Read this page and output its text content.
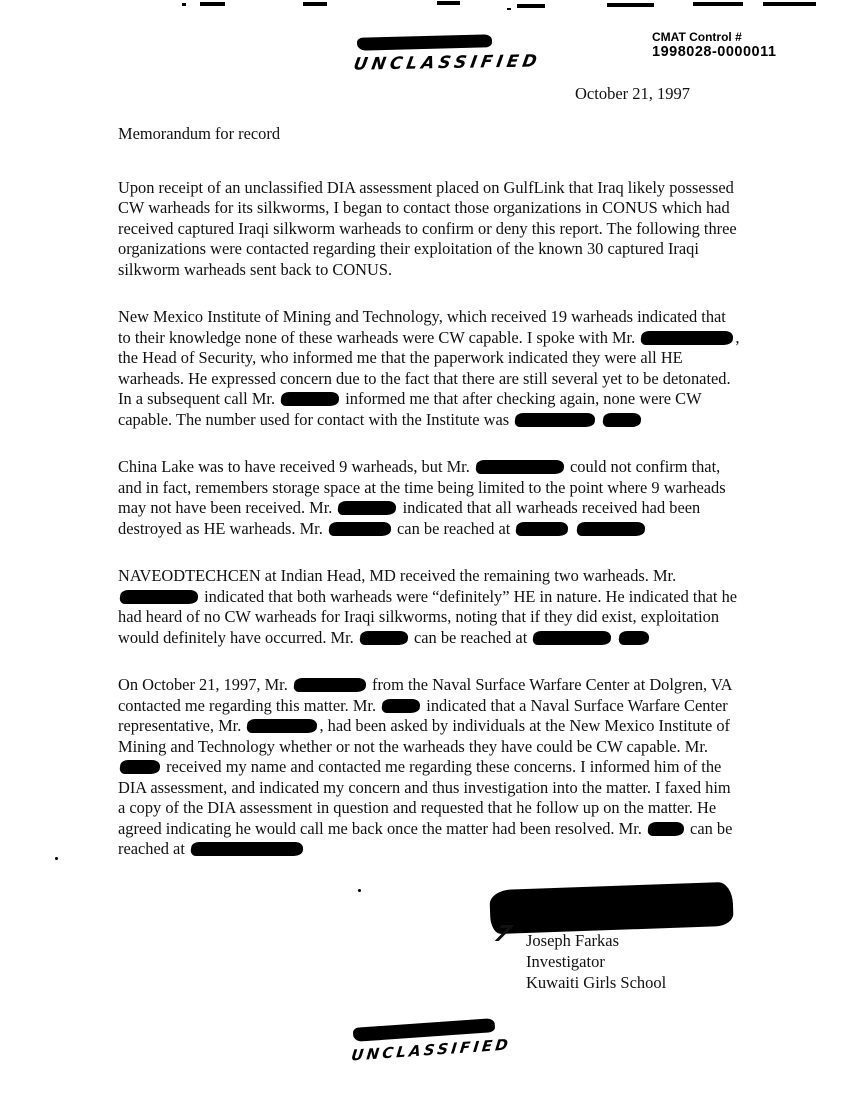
UNCLASSIFIED
CMAT Control #
1998028-0000011
October 21, 1997
Memorandum for record

Upon receipt of an unclassified DIA assessment placed on GulfLink that Iraq likely possessed CW warheads for its silkworms, I began to contact those organizations in CONUS which had received captured Iraqi silkworm warheads to confirm or deny this report. The following three organizations were contacted regarding their exploitation of the known 30 captured Iraqi silkworm warheads sent back to CONUS.

New Mexico Institute of Mining and Technology, which received 19 warheads indicated that to their knowledge none of these warheads were CW capable. I spoke with Mr.	, the Head of Security, who informed me that the paperwork indicated they were all HE warheads. He expressed concern due to the fact that there are still several yet to be detonated. In a subsequent call Mr.	informed me that after checking again, none were CW capable. The number used for contact with the Institute was

China Lake was to have received 9 warheads, but Mr.	could not confirm that, and in fact, remembers storage space at the time being limited to the point where 9 warheads may not have been received. Mr.	indicated that all warheads received had been destroyed as HE warheads. Mr.	can be reached at

NAVEODTECHCEN at Indian Head, MD received the remaining two warheads. Mr.  indicated that both warheads were “definitely” HE in nature. He indicated that he had heard of no CW warheads for Iraqi silkworms, noting that if they did exist, exploitation would definitely have occurred. Mr.	can be reached at

On October 21, 1997, Mr.	from the Naval Surface Warfare Center at Dolgren, VA contacted me regarding this matter. Mr.	indicated that a Naval Surface Warfare Center representative, Mr.	, had been asked by individuals at the New Mexico Institute of Mining and Technology whether or not the warheads they have could be CW capable. Mr.  received my name and contacted me regarding these concerns. I informed him of the DIA assessment, and indicated my concern and thus investigation into the matter. I faxed him a copy of the DIA assessment in question and requested that he follow up on the matter. He agreed indicating he would call me back once the matter had been resolved. Mr.  can be reached at

7 Joseph Farkas
Investigator
Kuwaiti Girls School
UNCLASSIFIED
